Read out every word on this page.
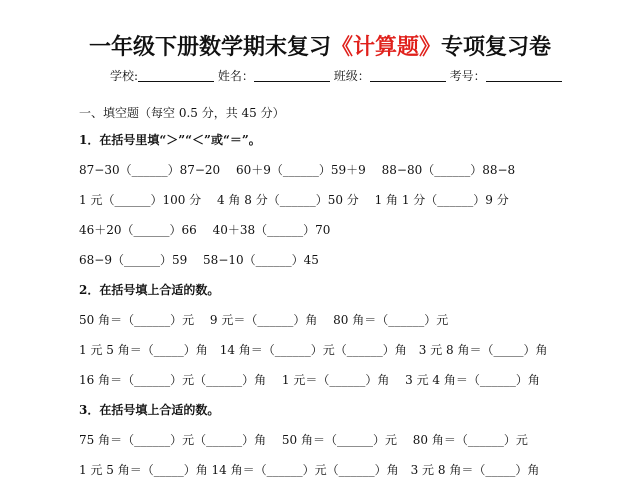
一年级下册数学期末复习《计算题》专项复习卷
学校:	姓名：	班级：	考号：
一、填空题（每空 0.5 分，共 45 分）
1．在括号里填“＞”“＜”或“＝”。
87−30（______）87−20　 60＋9（______）59＋9　 88−80（______）88−8
1 元（______）100 分　 4 角 8 分（______）50 分　 1 角 1 分（______）9 分
46＋20（______）66　 40＋38（______）70
68−9（______）59　 58−10（______）45
2．在括号填上合适的数。
50 角＝（______）元　 9 元＝（______）角　 80 角＝（______）元
1 元 5 角＝（_____）角　14 角＝（______）元（______）角　3 元 8 角＝（_____）角
16 角＝（______）元（______）角　 1 元＝（______）角　 3 元 4 角＝（______）角
3．在括号填上合适的数。
75 角＝（______）元（______）角　 50 角＝（______）元　 80 角＝（______）元
1 元 5 角＝（_____）角 14 角＝（______）元（______）角　3 元 8 角＝（_____）角
